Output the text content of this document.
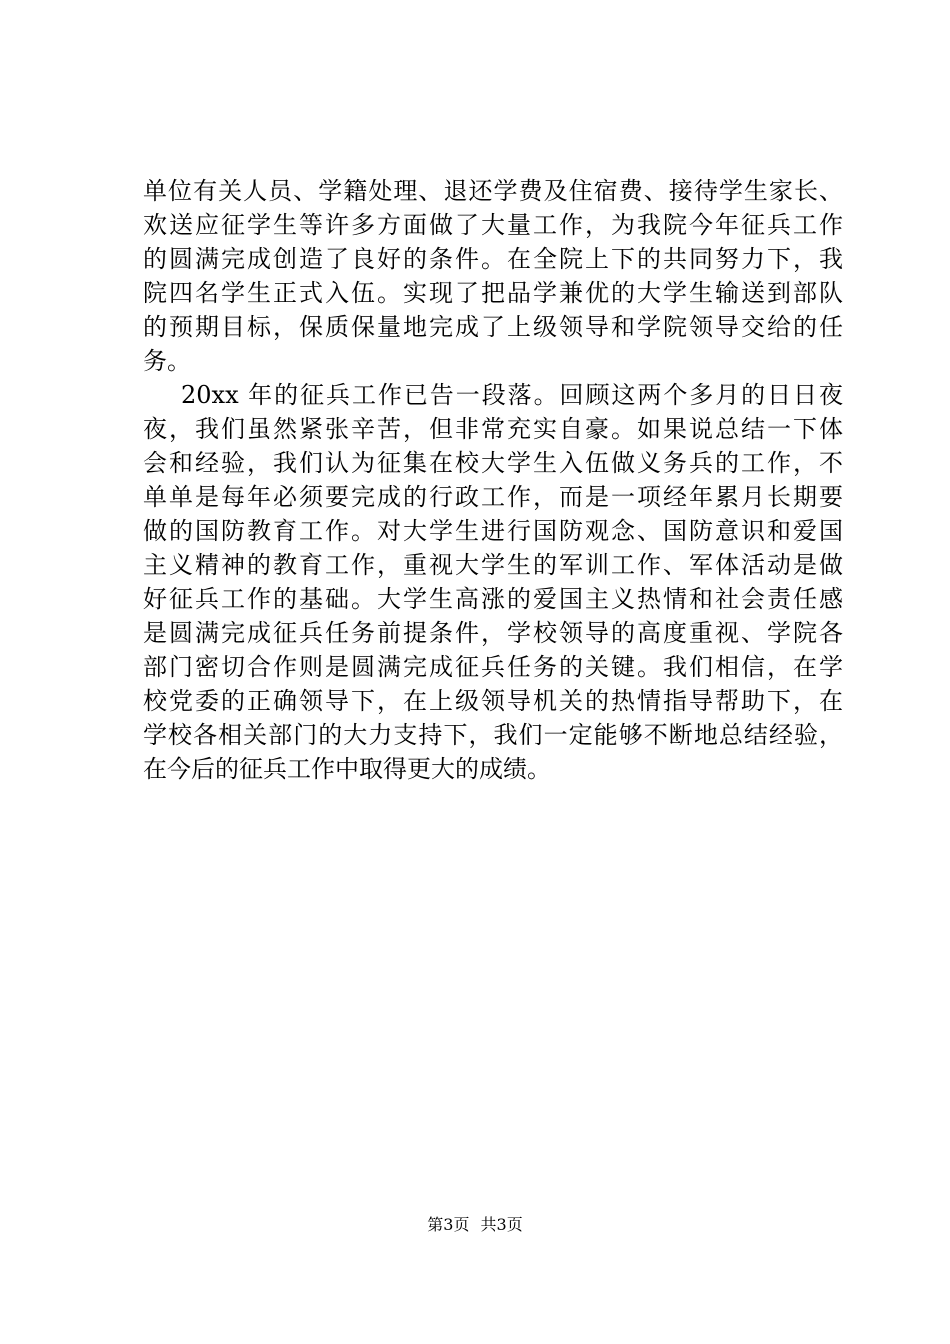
单位有关人员、学籍处理、退还学费及住宿费、接待学生家长、
欢送应征学生等许多方面做了大量工作，为我院今年征兵工作
的圆满完成创造了良好的条件。在全院上下的共同努力下，我
院四名学生正式入伍。实现了把品学兼优的大学生输送到部队
的预期目标，保质保量地完成了上级领导和学院领导交给的任
务。
20xx 年的征兵工作已告一段落。回顾这两个多月的日日夜
夜，我们虽然紧张辛苦，但非常充实自豪。如果说总结一下体
会和经验，我们认为征集在校大学生入伍做义务兵的工作，不
单单是每年必须要完成的行政工作，而是一项经年累月长期要
做的国防教育工作。对大学生进行国防观念、国防意识和爱国
主义精神的教育工作，重视大学生的军训工作、军体活动是做
好征兵工作的基础。大学生高涨的爱国主义热情和社会责任感
是圆满完成征兵任务前提条件，学校领导的高度重视、学院各
部门密切合作则是圆满完成征兵任务的关键。我们相信，在学
校党委的正确领导下，在上级领导机关的热情指导帮助下，在
学校各相关部门的大力支持下，我们一定能够不断地总结经验，
在今后的征兵工作中取得更大的成绩。
第3页 共3页
